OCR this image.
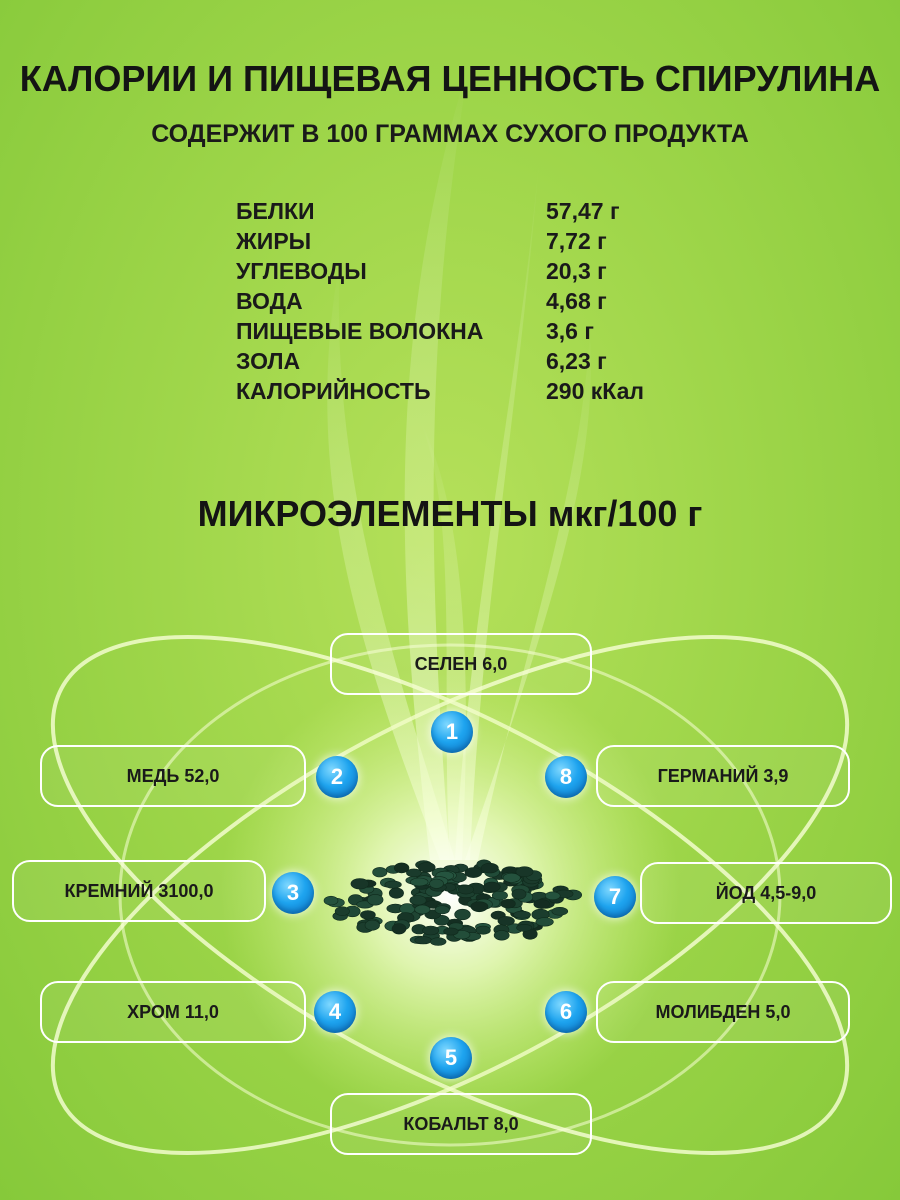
КАЛОРИИ И ПИЩЕВАЯ ЦЕННОСТЬ СПИРУЛИНА
СОДЕРЖИТ В 100 ГРАММАХ СУХОГО ПРОДУКТА
БЕЛКИ	57,47 г
ЖИРЫ	7,72 г
УГЛЕВОДЫ	20,3 г
ВОДА	4,68 г
ПИЩЕВЫЕ ВОЛОКНА	3,6 г
ЗОЛА	6,23 г
КАЛОРИЙНОСТЬ	290 кКал
МИКРОЭЛЕМЕНТЫ мкг/100 г
СЕЛЕН 6,0
МЕДЬ 52,0
КРЕМНИЙ 3100,0
ХРОМ 11,0
КОБАЛЬТ 8,0
МОЛИБДЕН 5,0
ЙОД 4,5-9,0
ГЕРМАНИЙ 3,9
1
2
3
4
5
6
7
8
